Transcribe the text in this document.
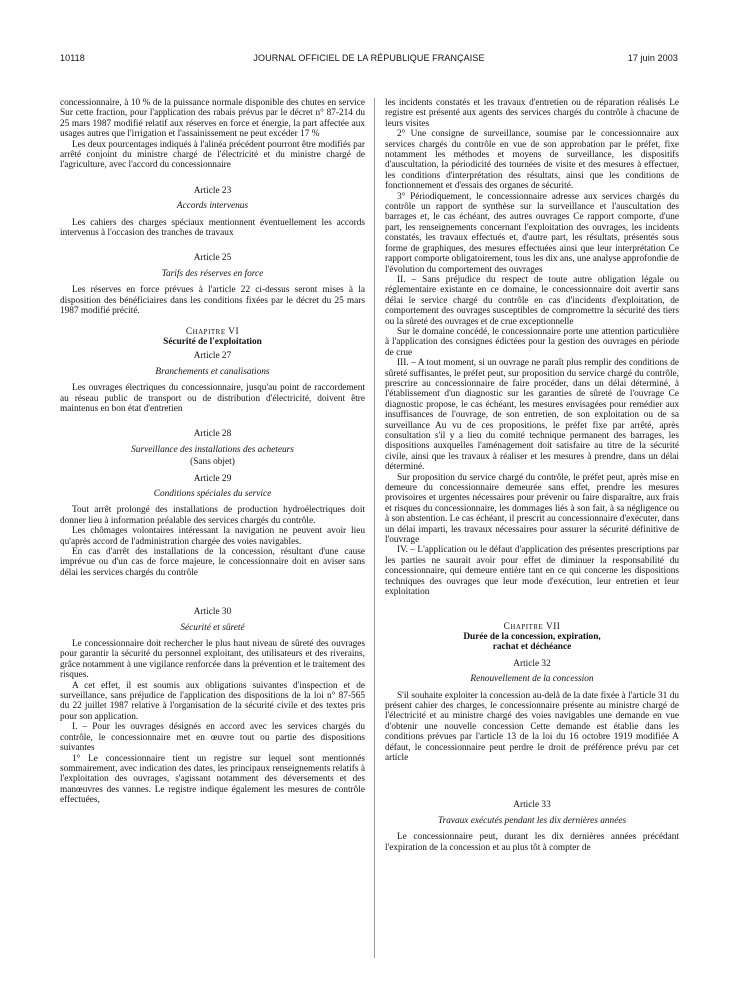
10118	JOURNAL OFFICIEL DE LA RÉPUBLIQUE FRANÇAISE	17 juin 2003

concessionnaire, à 10 % de la puissance normale disponible des chutes en service Sur cette fraction, pour l'application des rabais prévus par le décret n° 87-214 du 25 mars 1987 modifié relatif aux réserves en force et énergie, la part affectée aux usages autres que l'irrigation et l'assainissement ne peut excéder 17 %

Les deux pourcentages indiqués à l'alinéa précédent pourront être modifiés par arrêté conjoint du ministre chargé de l'électricité et du ministre chargé de l'agriculture, avec l'accord du concessionnaire

Article 23

Accords intervenus

Les cahiers des charges spéciaux mentionnent éventuellement les accords intervenus à l'occasion des tranches de travaux

Article 25

Tarifs des réserves en force

Les réserves en force prévues à l'article 22 ci-dessus seront mises à la disposition des bénéficiaires dans les conditions fixées par le décret du 25 mars 1987 modifié précité.

Chapitre VI

Sécurité de l'exploitation

Article 27

Branchements et canalisations

Les ouvrages électriques du concessionnaire, jusqu'au point de raccordement au réseau public de transport ou de distribution d'électricité, doivent être maintenus en bon état d'entretien

Article 28

Surveillance des installations des acheteurs

(Sans objet)

Article 29

Conditions spéciales du service

Tout arrêt prolongé des installations de production hydroélectriques doit donner lieu à information préalable des services chargés du contrôle.

Les chômages volontaires intéressant la navigation ne peuvent avoir lieu qu'après accord de l'administration chargée des voies navigables.

En cas d'arrêt des installations de la concession, résultant d'une cause imprévue ou d'un cas de force majeure, le concessionnaire doit en aviser sans délai les services chargés du contrôle

Article 30

Sécurité et sûreté

Le concessionnaire doit rechercher le plus haut niveau de sûreté des ouvrages pour garantir la sécurité du personnel exploitant, des utilisateurs et des riverains, grâce notamment à une vigilance renforcée dans la prévention et le traitement des risques.

A cet effet, il est soumis aux obligations suivantes d'inspection et de surveillance, sans préjudice de l'application des dispositions de la loi n° 87-565 du 22 juillet 1987 relative à l'organisation de la sécurité civile et des textes pris pour son application.

I. – Pour les ouvrages désignés en accord avec les services chargés du contrôle, le concessionnaire met en œuvre tout ou partie des dispositions suivantes

1° Le concessionnaire tient un registre sur lequel sont mentionnés sommairement, avec indication des dates, les principaux renseignements relatifs à l'exploitation des ouvrages, s'agissant notamment des déversements et des manœuvres des vannes. Le registre indique également les mesures de contrôle effectuées,

les incidents constatés et les travaux d'entretien ou de réparation réalisés Le registre est présenté aux agents des services chargés du contrôle à chacune de leurs visites

2° Une consigne de surveillance, soumise par le concessionnaire aux services chargés du contrôle en vue de son approbation par le préfet, fixe notamment les méthodes et moyens de surveillance, les dispositifs d'auscultation, la périodicité des tournées de visite et des mesures à effectuer, les conditions d'interprétation des résultats, ainsi que les conditions de fonctionnement et d'essais des organes de sécurité.

3° Périodiquement, le concessionnaire adresse aux services chargés du contrôle un rapport de synthèse sur la surveillance et l'auscultation des barrages et, le cas échéant, des autres ouvrages Ce rapport comporte, d'une part, les renseignements concernant l'exploitation des ouvrages, les incidents constatés, les travaux effectués et, d'autre part, les résultats, présentés sous forme de graphiques, des mesures effectuées ainsi que leur interprétation Ce rapport comporte obligatoirement, tous les dix ans, une analyse approfondie de l'évolution du comportement des ouvrages

II. – Sans préjudice du respect de toute autre obligation légale ou réglementaire existante en ce domaine, le concessionnaire doit avertir sans délai le service chargé du contrôle en cas d'incidents d'exploitation, de comportement des ouvrages susceptibles de compromettre la sécurité des tiers ou la sûreté des ouvrages et de crue exceptionnelle

Sur le domaine concédé, le concessionnaire porte une attention particulière à l'application des consignes édictées pour la gestion des ouvrages en période de crue

III. – A tout moment, si un ouvrage ne paraît plus remplir des conditions de sûreté suffisantes, le préfet peut, sur proposition du service chargé du contrôle, prescrire au concessionnaire de faire procéder, dans un délai déterminé, à l'établissement d'un diagnostic sur les garanties de sûreté de l'ouvrage Ce diagnostic propose, le cas échéant, les mesures envisagées pour remédier aux insuffisances de l'ouvrage, de son entretien, de son exploitation ou de sa surveillance Au vu de ces propositions, le préfet fixe par arrêté, après consultation s'il y a lieu du comité technique permanent des barrages, les dispositions auxquelles l'aménagement doit satisfaire au titre de la sécurité civile, ainsi que les travaux à réaliser et les mesures à prendre, dans un délai déterminé.

Sur proposition du service chargé du contrôle, le préfet peut, après mise en demeure du concessionnaire demeurée sans effet, prendre les mesures provisoires et urgentes nécessaires pour prévenir ou faire disparaître, aux frais et risques du concessionnaire, les dommages liés à son fait, à sa négligence ou à son abstention. Le cas échéant, il prescrit au concessionnaire d'exécuter, dans un délai imparti, les travaux nécessaires pour assurer la sécurité définitive de l'ouvrage

IV. – L'application ou le défaut d'application des présentes prescriptions par les parties ne saurait avoir pour effet de diminuer la responsabilité du concessionnaire, qui demeure entière tant en ce qui concerne les dispositions techniques des ouvrages que leur mode d'exécution, leur entretien et leur exploitation

Chapitre VII

Durée de la concession, expiration,

rachat et déchéance

Article 32

Renouvellement de la concession

S'il souhaite exploiter la concession au-delà de la date fixée à l'article 31 du présent cahier des charges, le concessionnaire présente au ministre chargé de l'électricité et au ministre chargé des voies navigables une demande en vue d'obtenir une nouvelle concession Cette demande est établie dans les conditions prévues par l'article 13 de la loi du 16 octobre 1919 modifiée A défaut, le concessionnaire peut perdre le droit de préférence prévu par cet article

Article 33

Travaux exécutés pendant les dix dernières années

Le concessionnaire peut, durant les dix dernières années précédant l'expiration de la concession et au plus tôt à compter de
